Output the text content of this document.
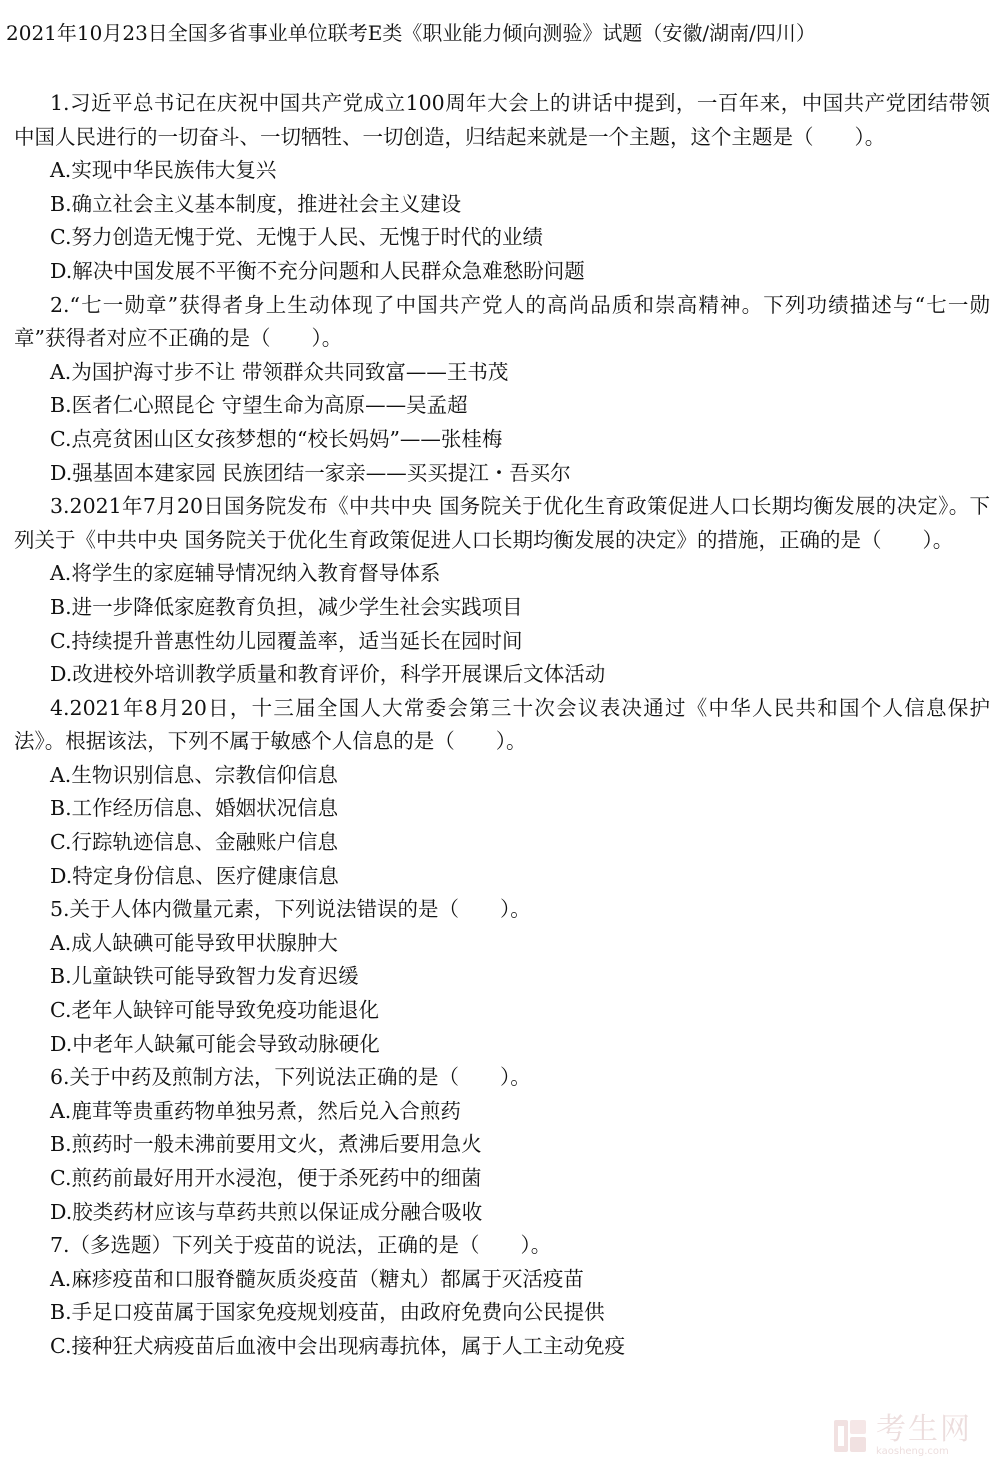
2021年10月23日全国多省事业单位联考E类《职业能力倾向测验》试题（安徽/湖南/四川）

1.习近平总书记在庆祝中国共产党成立100周年大会上的讲话中提到，一百年来，中国共产党团结带领中国人民进行的一切奋斗、一切牺牲、一切创造，归结起来就是一个主题，这个主题是（　　）。

A.实现中华民族伟大复兴

B.确立社会主义基本制度，推进社会主义建设

C.努力创造无愧于党、无愧于人民、无愧于时代的业绩

D.解决中国发展不平衡不充分问题和人民群众急难愁盼问题

2.“七一勋章”获得者身上生动体现了中国共产党人的高尚品质和崇高精神。下列功绩描述与“七一勋章”获得者对应不正确的是（　　）。

A.为国护海寸步不让 带领群众共同致富——王书茂

B.医者仁心照昆仑 守望生命为高原——吴孟超

C.点亮贫困山区女孩梦想的“校长妈妈”——张桂梅

D.强基固本建家园 民族团结一家亲——买买提江・吾买尔

3.2021年7月20日国务院发布《中共中央 国务院关于优化生育政策促进人口长期均衡发展的决定》。下列关于《中共中央 国务院关于优化生育政策促进人口长期均衡发展的决定》的措施，正确的是（　　）。

A.将学生的家庭辅导情况纳入教育督导体系

B.进一步降低家庭教育负担，减少学生社会实践项目

C.持续提升普惠性幼儿园覆盖率，适当延长在园时间

D.改进校外培训教学质量和教育评价，科学开展课后文体活动

4.2021年8月20日，十三届全国人大常委会第三十次会议表决通过《中华人民共和国个人信息保护法》。根据该法，下列不属于敏感个人信息的是（　　）。

A.生物识别信息、宗教信仰信息

B.工作经历信息、婚姻状况信息

C.行踪轨迹信息、金融账户信息

D.特定身份信息、医疗健康信息

5.关于人体内微量元素，下列说法错误的是（　　）。

A.成人缺碘可能导致甲状腺肿大

B.儿童缺铁可能导致智力发育迟缓

C.老年人缺锌可能导致免疫功能退化

D.中老年人缺氟可能会导致动脉硬化

6.关于中药及煎制方法，下列说法正确的是（　　）。

A.鹿茸等贵重药物单独另煮，然后兑入合煎药

B.煎药时一般未沸前要用文火，煮沸后要用急火

C.煎药前最好用开水浸泡，便于杀死药中的细菌

D.胶类药材应该与草药共煎以保证成分融合吸收

7.（多选题）下列关于疫苗的说法，正确的是（　　）。

A.麻疹疫苗和口服脊髓灰质炎疫苗（糖丸）都属于灭活疫苗

B.手足口疫苗属于国家免疫规划疫苗，由政府免费向公民提供

C.接种狂犬病疫苗后血液中会出现病毒抗体，属于人工主动免疫

考生网
kaosheng.com
